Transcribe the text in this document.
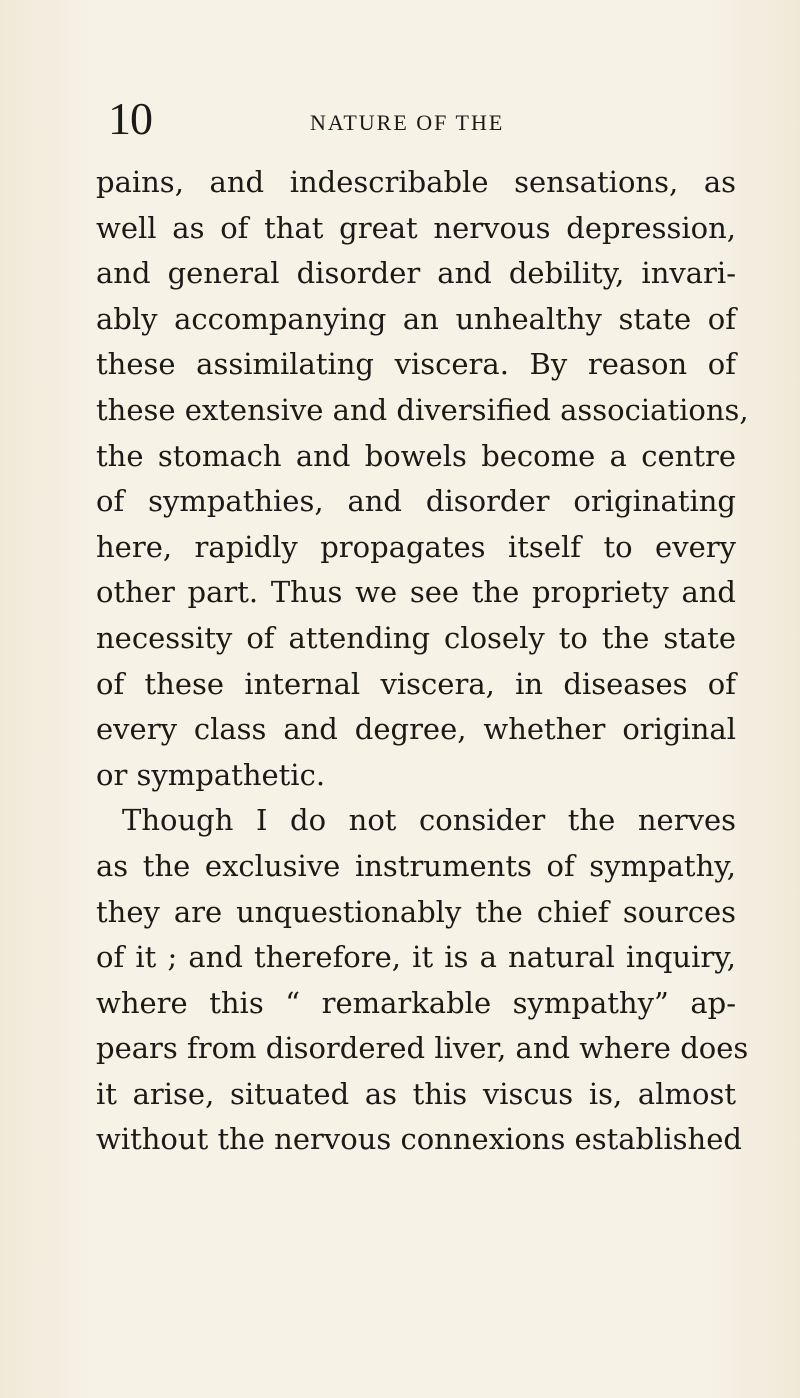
10	NATURE OF THE
pains, and indescribable sensations, as
well as of that great nervous depression,
and general disorder and debility, invari-
ably accompanying an unhealthy state of
these assimilating viscera. By reason of
these extensive and diversified associations,
the stomach and bowels become a centre
of sympathies, and disorder originating
here, rapidly propagates itself to every
other part. Thus we see the propriety and
necessity of attending closely to the state
of these internal viscera, in diseases of
every class and degree, whether original
or sympathetic.
Though I do not consider the nerves
as the exclusive instruments of sympathy,
they are unquestionably the chief sources
of it ; and therefore, it is a natural inquiry,
where this “ remarkable sympathy” ap-
pears from disordered liver, and where does
it arise, situated as this viscus is, almost
without the nervous connexions established
